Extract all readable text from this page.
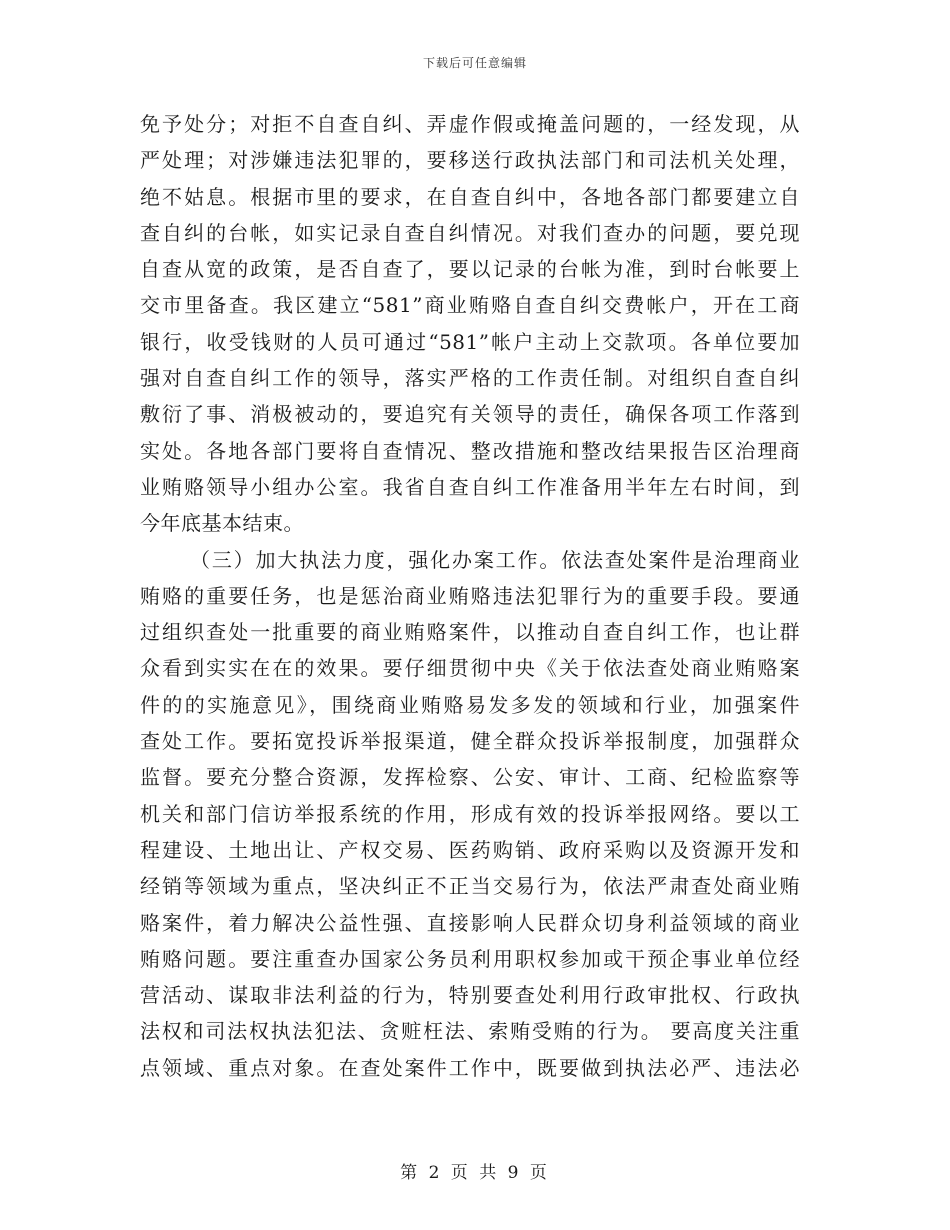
下载后可任意编辑
免予处分；对拒不自查自纠、弄虚作假或掩盖问题的，一经发现，从
严处理；对涉嫌违法犯罪的，要移送行政执法部门和司法机关处理，
绝不姑息。根据市里的要求，在自查自纠中，各地各部门都要建立自
查自纠的台帐，如实记录自查自纠情况。对我们查办的问题，要兑现
自查从宽的政策，是否自查了，要以记录的台帐为准，到时台帐要上
交市里备查。我区建立“581”商业贿赂自查自纠交费帐户，开在工商
银行，收受钱财的人员可通过“581”帐户主动上交款项。各单位要加
强对自查自纠工作的领导，落实严格的工作责任制。对组织自查自纠
敷衍了事、消极被动的，要追究有关领导的责任，确保各项工作落到
实处。各地各部门要将自查情况、整改措施和整改结果报告区治理商
业贿赂领导小组办公室。我省自查自纠工作准备用半年左右时间，到
今年底基本结束。
（三）加大执法力度，强化办案工作。依法查处案件是治理商业
贿赂的重要任务，也是惩治商业贿赂违法犯罪行为的重要手段。要通
过组织查处一批重要的商业贿赂案件，以推动自查自纠工作，也让群
众看到实实在在的效果。要仔细贯彻中央《关于依法查处商业贿赂案
件的的实施意见》，围绕商业贿赂易发多发的领域和行业，加强案件
查处工作。要拓宽投诉举报渠道，健全群众投诉举报制度，加强群众
监督。要充分整合资源，发挥检察、公安、审计、工商、纪检监察等
机关和部门信访举报系统的作用，形成有效的投诉举报网络。要以工
程建设、土地出让、产权交易、医药购销、政府采购以及资源开发和
经销等领域为重点，坚决纠正不正当交易行为，依法严肃查处商业贿
赂案件，着力解决公益性强、直接影响人民群众切身利益领域的商业
贿赂问题。要注重查办国家公务员利用职权参加或干预企事业单位经
营活动、谋取非法利益的行为，特别要查处利用行政审批权、行政执
法权和司法权执法犯法、贪赃枉法、索贿受贿的行为。 要高度关注重
点领域、重点对象。在查处案件工作中，既要做到执法必严、违法必
第 2 页 共 9 页
